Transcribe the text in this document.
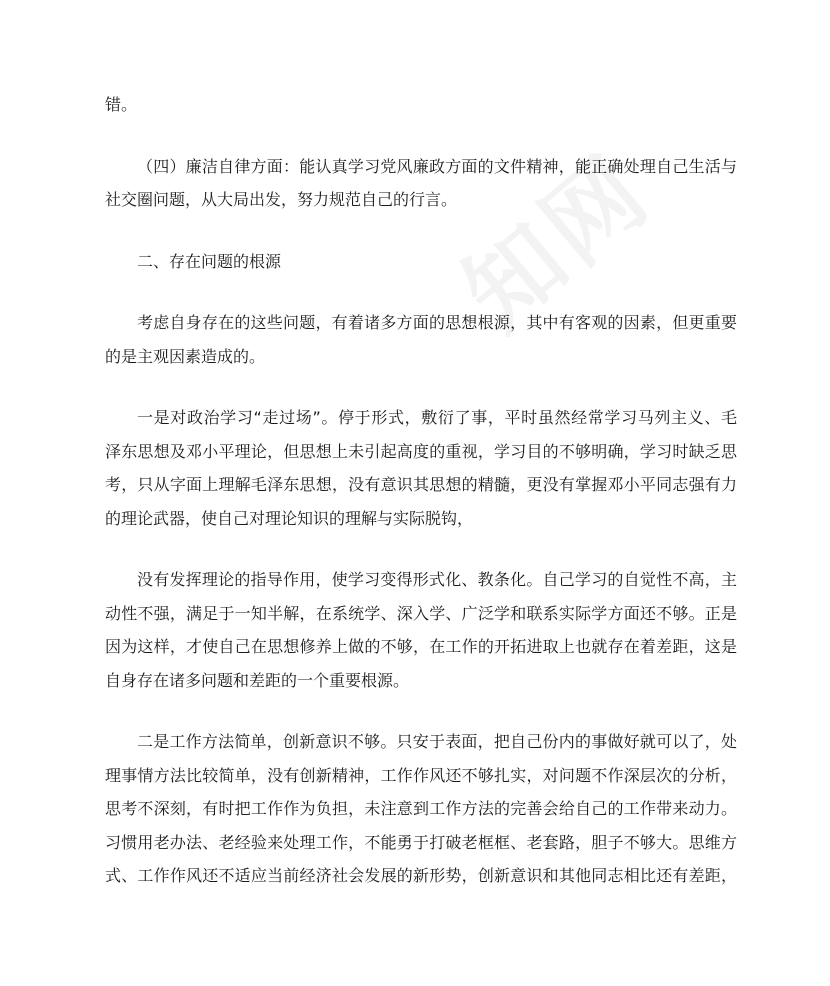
错。
（四）廉洁自律方面：能认真学习党风廉政方面的文件精神，能正确处理自己生活与
社交圈问题，从大局出发，努力规范自己的行言。
二、存在问题的根源
考虑自身存在的这些问题，有着诸多方面的思想根源，其中有客观的因素，但更重要
的是主观因素造成的。
一是对政治学习“走过场”。停于形式，敷衍了事，平时虽然经常学习马列主义、毛
泽东思想及邓小平理论，但思想上未引起高度的重视，学习目的不够明确，学习时缺乏思
考，只从字面上理解毛泽东思想，没有意识其思想的精髓，更没有掌握邓小平同志强有力
的理论武器，使自己对理论知识的理解与实际脱钩，
没有发挥理论的指导作用，使学习变得形式化、教条化。自己学习的自觉性不高，主
动性不强，满足于一知半解，在系统学、深入学、广泛学和联系实际学方面还不够。正是
因为这样，才使自己在思想修养上做的不够，在工作的开拓进取上也就存在着差距，这是
自身存在诸多问题和差距的一个重要根源。
二是工作方法简单，创新意识不够。只安于表面，把自己份内的事做好就可以了，处
理事情方法比较简单，没有创新精神，工作作风还不够扎实，对问题不作深层次的分析，
思考不深刻，有时把工作作为负担，未注意到工作方法的完善会给自己的工作带来动力。
习惯用老办法、老经验来处理工作，不能勇于打破老框框、老套路，胆子不够大。思维方
式、工作作风还不适应当前经济社会发展的新形势，创新意识和其他同志相比还有差距，
